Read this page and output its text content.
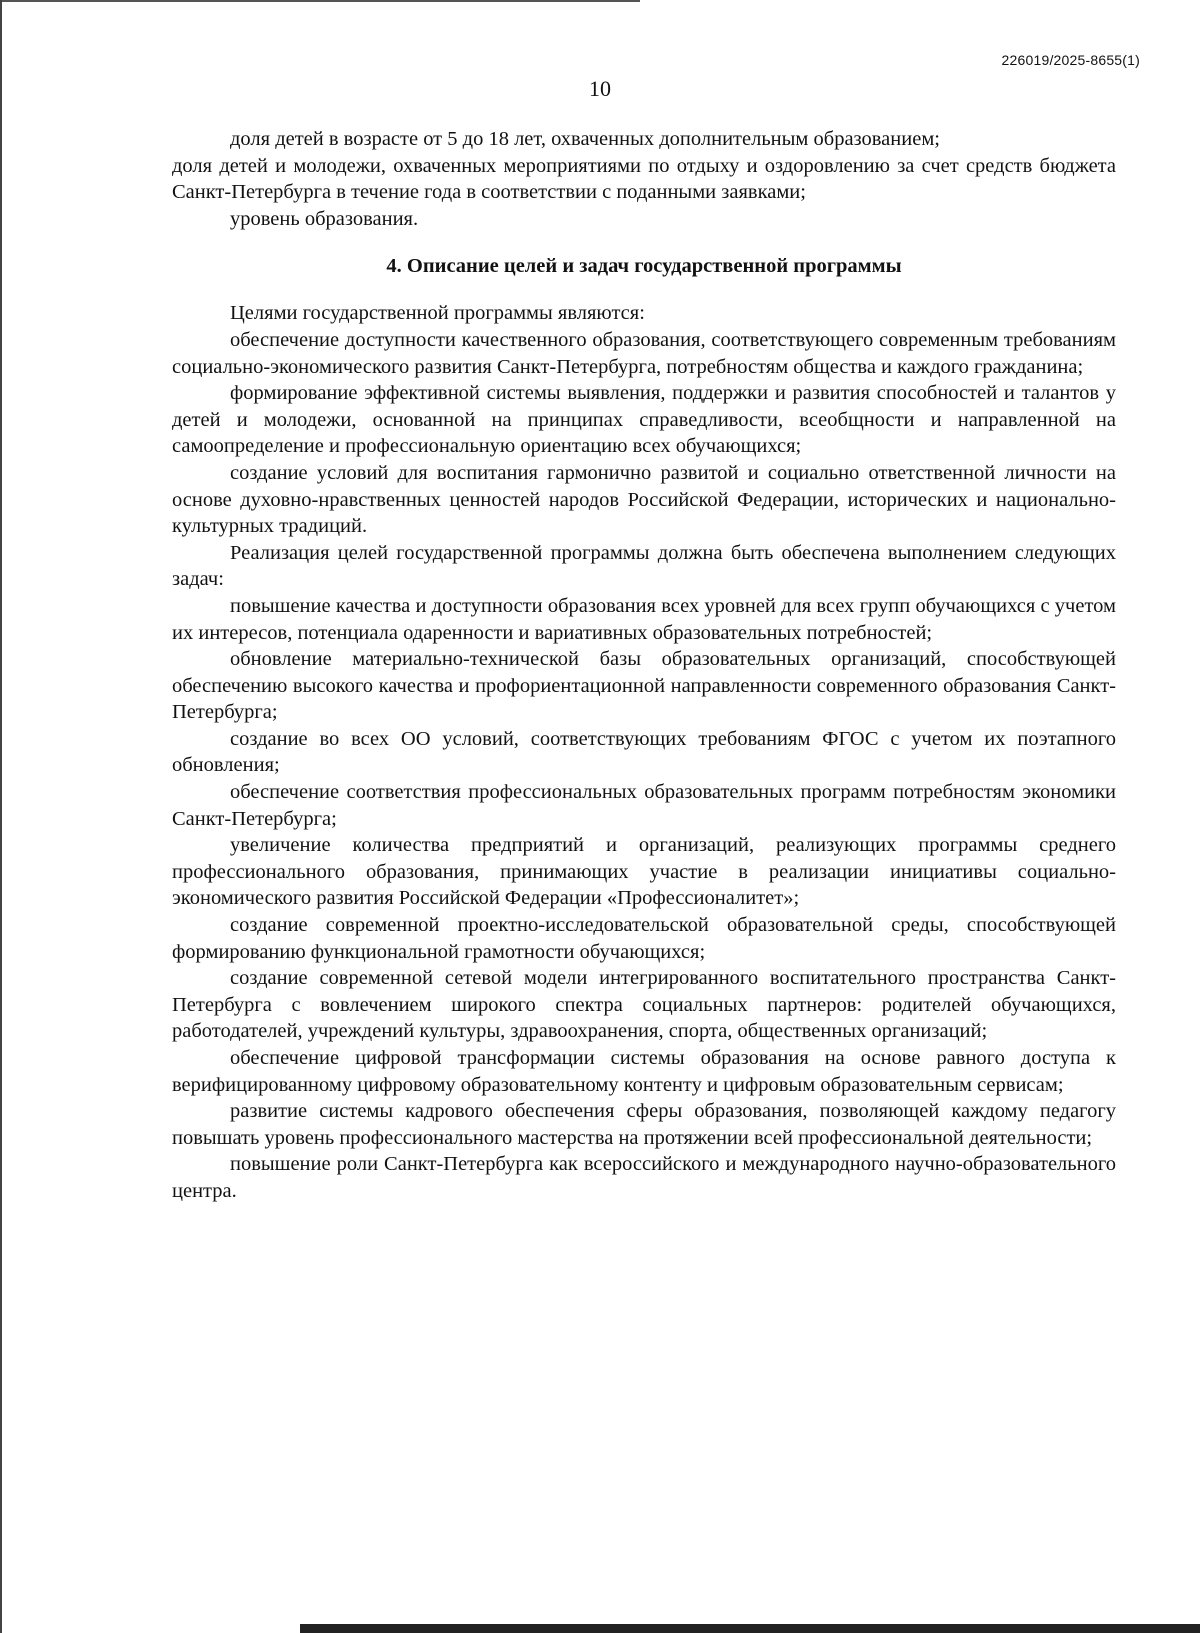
226019/2025-8655(1)
10

доля детей в возрасте от 5 до 18 лет, охваченных дополнительным образованием;

доля детей и молодежи, охваченных мероприятиями по отдыху и оздоровлению за счет средств бюджета Санкт-Петербурга в течение года в соответствии с поданными заявками;

уровень образования.

4. Описание целей и задач государственной программы

Целями государственной программы являются:

обеспечение доступности качественного образования, соответствующего современным требованиям социально-экономического развития Санкт-Петербурга, потребностям общества и каждого гражданина;

формирование эффективной системы выявления, поддержки и развития способностей и талантов у детей и молодежи, основанной на принципах справедливости, всеобщности и направленной на самоопределение и профессиональную ориентацию всех обучающихся;

создание условий для воспитания гармонично развитой и социально ответственной личности на основе духовно-нравственных ценностей народов Российской Федерации, исторических и национально-культурных традиций.

Реализация целей государственной программы должна быть обеспечена выполнением следующих задач:

повышение качества и доступности образования всех уровней для всех групп обучающихся с учетом их интересов, потенциала одаренности и вариативных образовательных потребностей;

обновление материально-технической базы образовательных организаций, способствующей обеспечению высокого качества и профориентационной направленности современного образования Санкт-Петербурга;

создание во всех ОО условий, соответствующих требованиям ФГОС с учетом их поэтапного обновления;

обеспечение соответствия профессиональных образовательных программ потребностям экономики Санкт-Петербурга;

увеличение количества предприятий и организаций, реализующих программы среднего профессионального образования, принимающих участие в реализации инициативы социально-экономического развития Российской Федерации «Профессионалитет»;

создание современной проектно-исследовательской образовательной среды, способствующей формированию функциональной грамотности обучающихся;

создание современной сетевой модели интегрированного воспитательного пространства Санкт-Петербурга с вовлечением широкого спектра социальных партнеров: родителей обучающихся, работодателей, учреждений культуры, здравоохранения, спорта, общественных организаций;

обеспечение цифровой трансформации системы образования на основе равного доступа к верифицированному цифровому образовательному контенту и цифровым образовательным сервисам;

развитие системы кадрового обеспечения сферы образования, позволяющей каждому педагогу повышать уровень профессионального мастерства на протяжении всей профессиональной деятельности;

повышение роли Санкт-Петербурга как всероссийского и международного научно-образовательного центра.
